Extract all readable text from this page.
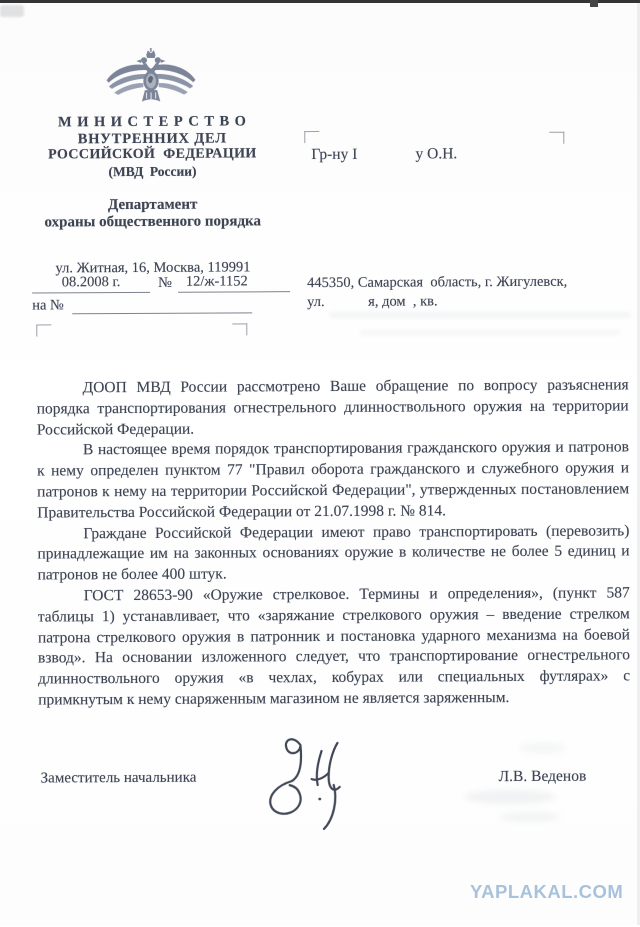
МИНИСТЕРСТВО
ВНУТРЕННИХ ДЕЛ
РОССИЙСКОЙ ФЕДЕРАЦИИ
(МВД России)
Департамент
охраны общественного порядка
ул. Житная, 16, Москва, 119991
08.2008 г.	№ 12/ж-1152
на №
Гр-ну I               у О.Н.
445350, Самарская  область, г. Жигулевск,
ул.            я, дом  , кв.

ДООП МВД России рассмотрено Ваше обращение по вопросу разъяснения порядка транспортирования огнестрельного длинноствольного оружия на территории Российской Федерации.

В настоящее время порядок транспортирования гражданского оружия и патронов к нему определен пунктом 77 "Правил оборота гражданского и служебного оружия и патронов к нему на территории Российской Федерации", утвержденных постановлением Правительства Российской Федерации от 21.07.1998 г. № 814.

Граждане Российской Федерации имеют право транспортировать (перевозить) принадлежащие им на законных основаниях оружие в количестве не более 5 единиц и патронов не более 400 штук.

ГОСТ 28653-90 «Оружие стрелковое. Термины и определения», (пункт 587 таблицы 1) устанавливает, что «заряжание стрелкового оружия – введение стрелком патрона стрелкового оружия в патронник и постановка ударного механизма на боевой взвод». На основании изложенного следует, что транспортирование огнестрельного длинноствольного оружия «в чехлах, кобурах или специальных футлярах» с примкнутым к нему снаряженным магазином не является заряженным.

Заместитель начальника	Л.В. Веденов
YAPLAKAL.COM
